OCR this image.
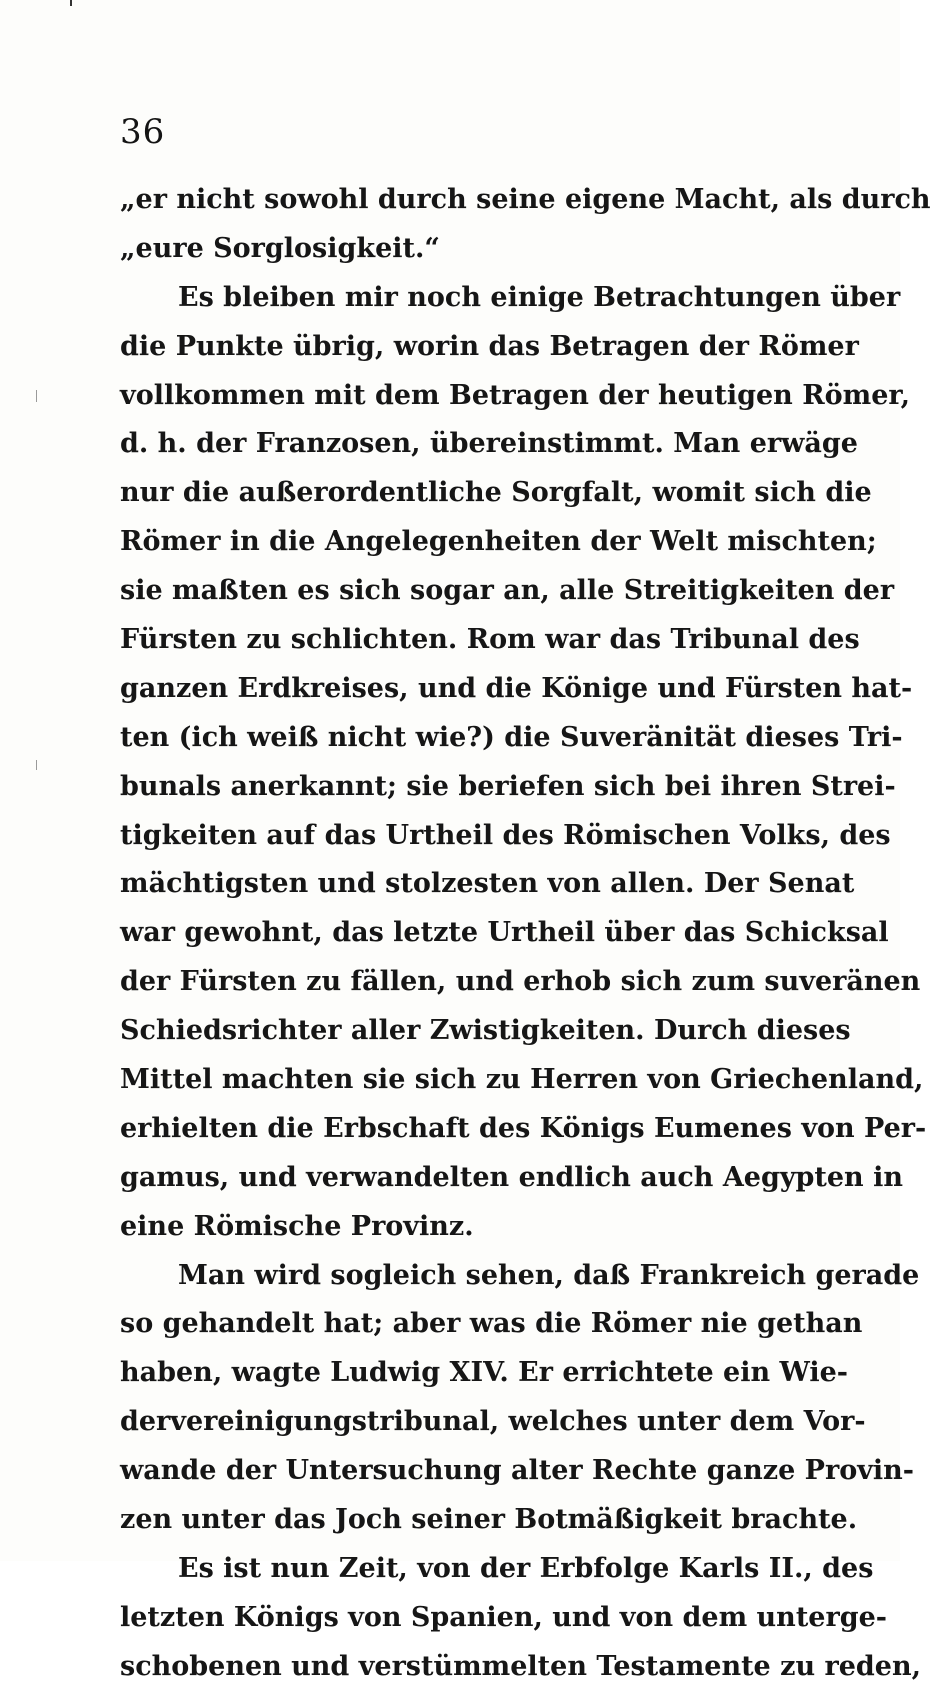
36
„er nicht sowohl durch seine eigene Macht, als durch
„eure Sorglosigkeit.“
Es bleiben mir noch einige Betrachtungen über
die Punkte übrig, worin das Betragen der Römer
vollkommen mit dem Betragen der heutigen Römer,
d. h. der Franzosen, übereinstimmt. Man erwäge
nur die außerordentliche Sorgfalt, womit sich die
Römer in die Angelegenheiten der Welt mischten;
sie maßten es sich sogar an, alle Streitigkeiten der
Fürsten zu schlichten. Rom war das Tribunal des
ganzen Erdkreises, und die Könige und Fürsten hat-
ten (ich weiß nicht wie?) die Suveränität dieses Tri-
bunals anerkannt; sie beriefen sich bei ihren Strei-
tigkeiten auf das Urtheil des Römischen Volks, des
mächtigsten und stolzesten von allen. Der Senat
war gewohnt, das letzte Urtheil über das Schicksal
der Fürsten zu fällen, und erhob sich zum suveränen
Schiedsrichter aller Zwistigkeiten. Durch dieses
Mittel machten sie sich zu Herren von Griechenland,
erhielten die Erbschaft des Königs Eumenes von Per-
gamus, und verwandelten endlich auch Aegypten in
eine Römische Provinz.
Man wird sogleich sehen, daß Frankreich gerade
so gehandelt hat; aber was die Römer nie gethan
haben, wagte Ludwig XIV. Er errichtete ein Wie-
dervereinigungstribunal, welches unter dem Vor-
wande der Untersuchung alter Rechte ganze Provin-
zen unter das Joch seiner Botmäßigkeit brachte.
Es ist nun Zeit, von der Erbfolge Karls II., des
letzten Königs von Spanien, und von dem unterge-
schobenen und verstümmelten Testamente zu reden,
